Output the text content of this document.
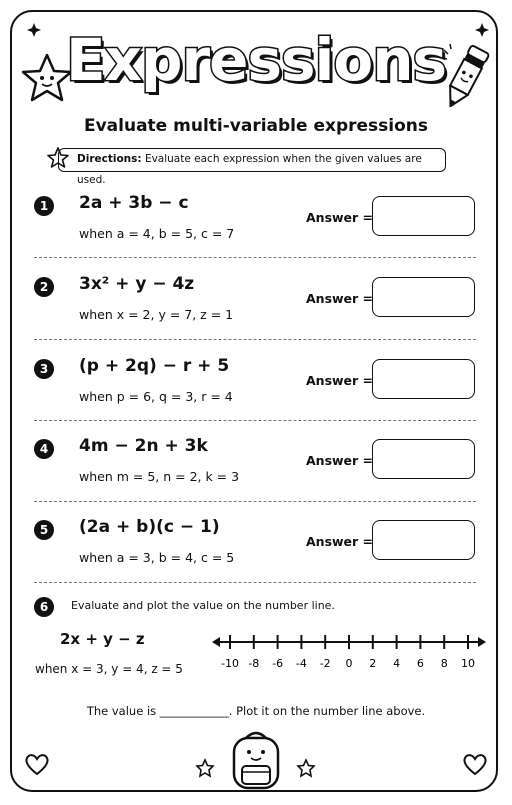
Expressions
Evaluate multi-variable expressions
Directions: Evaluate each expression when the given values are used.
1	2a + 3b − c
when a = 4, b = 5, c = 7
Answer =
2	3x² + y − 4z
when x = 2, y = 7, z = 1
Answer =
3	(p + 2q) − r + 5
when p = 6, q = 3, r = 4
Answer =
4	4m − 2n + 3k
when m = 5, n = 2, k = 3
Answer =
5	(2a + b)(c − 1)
when a = 3, b = 4, c = 5
Answer =
6	Evaluate and plot the value on the number line.
2x + y − z
when x = 3, y = 4, z = 5	-10 -8 -6 -4 -2 0 2 4 6 8 10
The value is ____________. Plot it on the number line above.
